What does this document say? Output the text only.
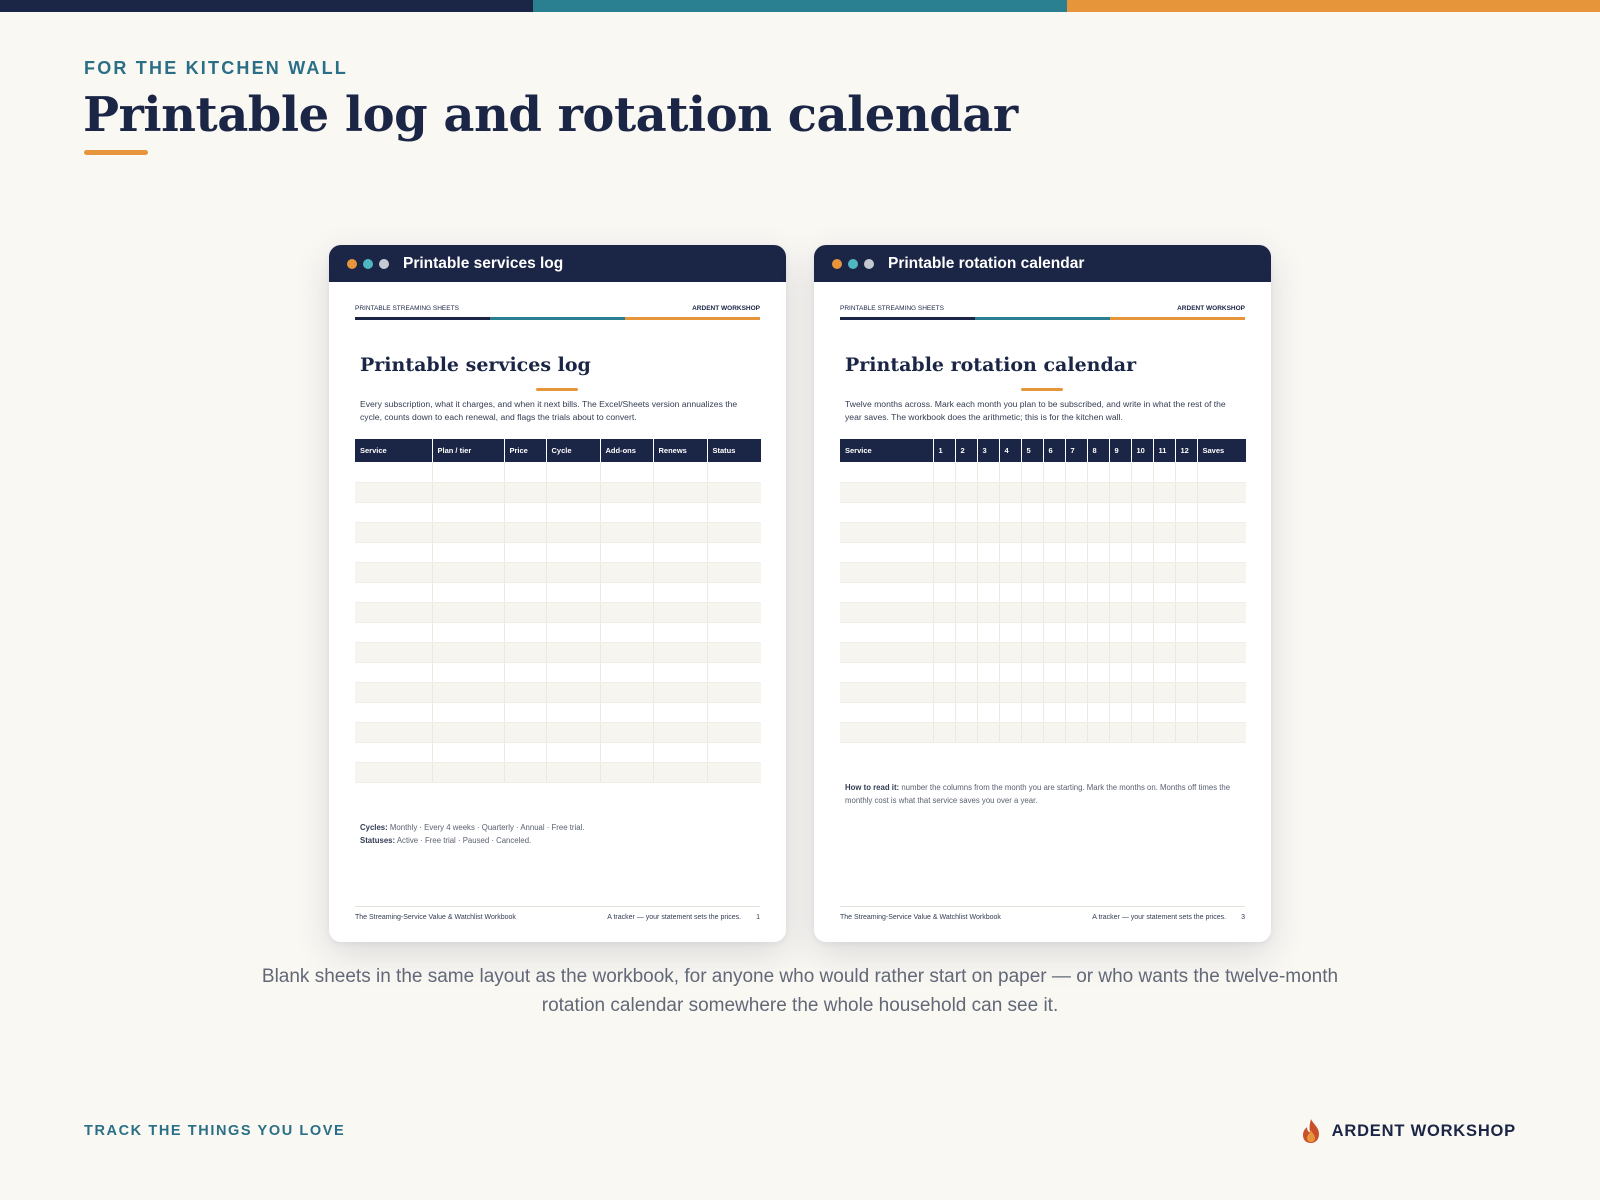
FOR THE KITCHEN WALL
Printable log and rotation calendar
Printable services log
PRINTABLE STREAMING SHEETS	ARDENT WORKSHOP
Printable services log

Every subscription, what it charges, and when it next bills. The Excel/Sheets version annualizes the cycle, counts down to each renewal, and flags the trials about to convert.

Service	Plan / tier	Price	Cycle	Add-ons	Renews	Status

Cycles: Monthly · Every 4 weeks · Quarterly · Annual · Free trial.
Statuses: Active · Free trial · Paused · Canceled.
The Streaming-Service Value & Watchlist Workbook	A tracker — your statement sets the prices. 1
Printable rotation calendar
PRINTABLE STREAMING SHEETS	ARDENT WORKSHOP
Printable rotation calendar

Twelve months across. Mark each month you plan to be subscribed, and write in what the rest of the year saves. The workbook does the arithmetic; this is for the kitchen wall.

Service	1	2	3	4	5	6	7	8	9	10	11	12	Saves

How to read it: number the columns from the month you are starting. Mark the months on. Months off times the monthly cost is what that service saves you over a year.

The Streaming-Service Value & Watchlist Workbook	A tracker — your statement sets the prices. 3

Blank sheets in the same layout as the workbook, for anyone who would rather start on paper — or who wants the twelve-month rotation calendar somewhere the whole household can see it.

TRACK THE THINGS YOU LOVE	ARDENT WORKSHOP
